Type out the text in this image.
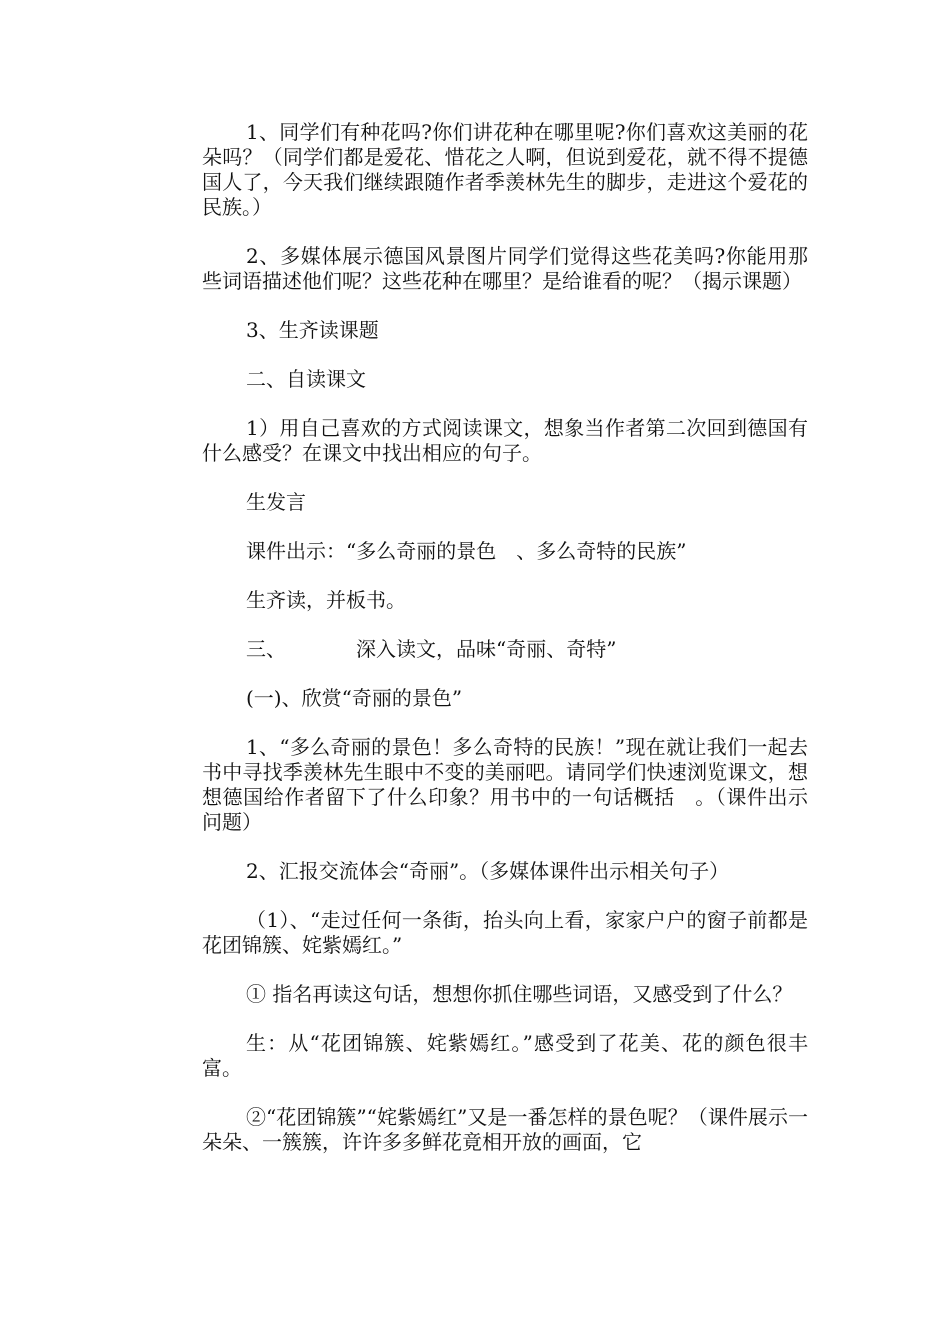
1、同学们有种花吗?你们讲花种在哪里呢?你们喜欢这美丽的花朵吗？（同学们都是爱花、惜花之人啊，但说到爱花，就不得不提德国人了，今天我们继续跟随作者季羡林先生的脚步，走进这个爱花的民族。）

2、多媒体展示德国风景图片同学们觉得这些花美吗?你能用那些词语描述他们呢？这些花种在哪里？是给谁看的呢？（揭示课题）

3、生齐读课题

二、自读课文

1）用自己喜欢的方式阅读课文，想象当作者第二次回到德国有什么感受？在课文中找出相应的句子。

生发言

课件出示：“多么奇丽的景色　、多么奇特的民族”

生齐读，并板书。

三、　　　　深入读文，品味“奇丽、奇特”

(一)、欣赏“奇丽的景色”

1、“多么奇丽的景色！多么奇特的民族！”现在就让我们一起去书中寻找季羡林先生眼中不变的美丽吧。请同学们快速浏览课文，想想德国给作者留下了什么印象？用书中的一句话概括　。（课件出示问题）

2、汇报交流体会“奇丽”。（多媒体课件出示相关句子）

（1）、“走过任何一条街，抬头向上看，家家户户的窗子前都是花团锦簇、姹紫嫣红。”

① 指名再读这句话，想想你抓住哪些词语，又感受到了什么？

生：从“花团锦簇、姹紫嫣红。”感受到了花美、花的颜色很丰富。

②“花团锦簇”“姹紫嫣红”又是一番怎样的景色呢？（课件展示一朵朵、一簇簇，许许多多鲜花竟相开放的画面，它
